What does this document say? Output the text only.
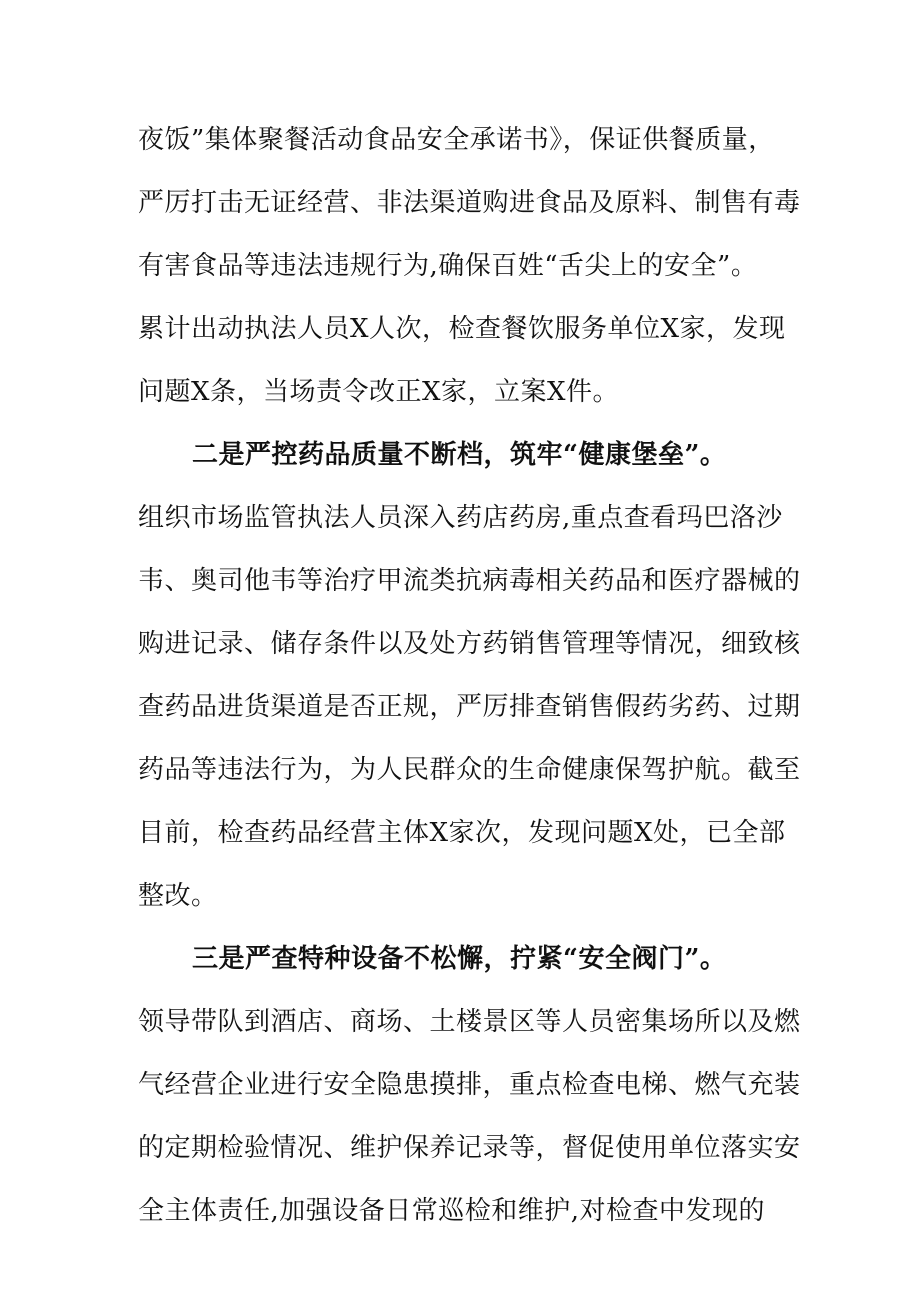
夜饭”集体聚餐活动食品安全承诺书》，保证供餐质量，
严厉打击无证经营、非法渠道购进食品及原料、制售有毒
有害食品等违法违规行为,确保百姓“舌尖上的安全”。
累计出动执法人员X人次，检查餐饮服务单位X家，发现
问题X条，当场责令改正X家，立案X件。
二是严控药品质量不断档，筑牢“健康堡垒”。
组织市场监管执法人员深入药店药房,重点查看玛巴洛沙
韦、奥司他韦等治疗甲流类抗病毒相关药品和医疗器械的
购进记录、储存条件以及处方药销售管理等情况，细致核
查药品进货渠道是否正规，严厉排查销售假药劣药、过期
药品等违法行为，为人民群众的生命健康保驾护航。截至
目前，检查药品经营主体X家次，发现问题X处，已全部
整改。
三是严查特种设备不松懈，拧紧“安全阀门”。
领导带队到酒店、商场、土楼景区等人员密集场所以及燃
气经营企业进行安全隐患摸排，重点检查电梯、燃气充装
的定期检验情况、维护保养记录等，督促使用单位落实安
全主体责任,加强设备日常巡检和维护,对检查中发现的
